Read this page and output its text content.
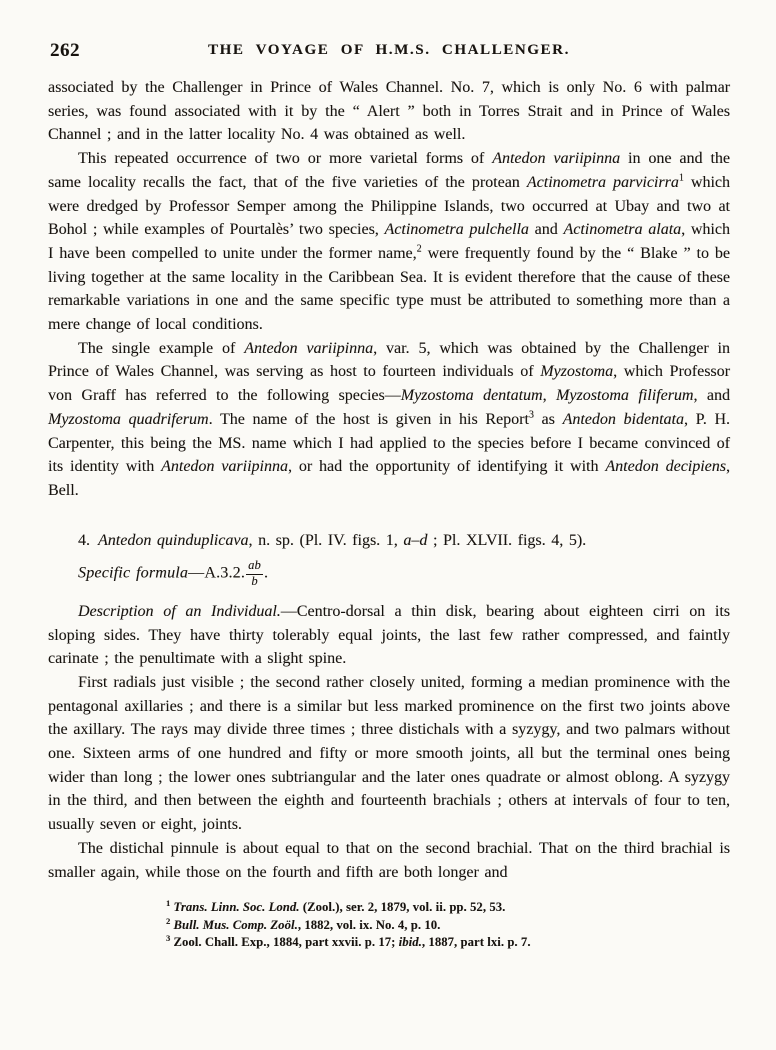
262	THE VOYAGE OF H.M.S. CHALLENGER.

associated by the Challenger in Prince of Wales Channel. No. 7, which is only No. 6 with palmar series, was found associated with it by the “ Alert ” both in Torres Strait and in Prince of Wales Channel ; and in the latter locality No. 4 was obtained as well.

This repeated occurrence of two or more varietal forms of Antedon variipinna in one and the same locality recalls the fact, that of the five varieties of the protean Actinometra parvicirra$^1$ which were dredged by Professor Semper among the Philippine Islands, two occurred at Ubay and two at Bohol ; while examples of Pourtalès’ two species, Actinometra pulchella and Actinometra alata, which I have been compelled to unite under the former name,$^2$ were frequently found by the “ Blake ” to be living together at the same locality in the Caribbean Sea. It is evident therefore that the cause of these remarkable variations in one and the same specific type must be attributed to something more than a mere change of local conditions.

The single example of Antedon variipinna, var. 5, which was obtained by the Challenger in Prince of Wales Channel, was serving as host to fourteen individuals of Myzostoma, which Professor von Graff has referred to the following species—Myzostoma dentatum, Myzostoma filiferum, and Myzostoma quadriferum. The name of the host is given in his Report$^3$ as Antedon bidentata, P. H. Carpenter, this being the MS. name which I had applied to the species before I became convinced of its identity with Antedon variipinna, or had the opportunity of identifying it with Antedon decipiens, Bell.

4. Antedon quinduplicava, n. sp. (Pl. IV. figs. 1, a–d ; Pl. XLVII. figs. 4, 5).

Specific formula—A.3.2. $\frac{ab}{b}$ .

Description of an Individual.—Centro-dorsal a thin disk, bearing about eighteen cirri on its sloping sides. They have thirty tolerably equal joints, the last few rather compressed, and faintly carinate ; the penultimate with a slight spine.

First radials just visible ; the second rather closely united, forming a median prominence with the pentagonal axillaries ; and there is a similar but less marked prominence on the first two joints above the axillary. The rays may divide three times ; three distichals with a syzygy, and two palmars without one. Sixteen arms of one hundred and fifty or more smooth joints, all but the terminal ones being wider than long ; the lower ones subtriangular and the later ones quadrate or almost oblong. A syzygy in the third, and then between the eighth and fourteenth brachials ; others at intervals of four to ten, usually seven or eight, joints.

The distichal pinnule is about equal to that on the second brachial. That on the third brachial is smaller again, while those on the fourth and fifth are both longer and

$^1$ Trans. Linn. Soc. Lond. (Zool.), ser. 2, 1879, vol. ii. pp. 52, 53.
$^2$ Bull. Mus. Comp. Zoöl., 1882, vol. ix. No. 4, p. 10.
$^3$ Zool. Chall. Exp., 1884, part xxvii. p. 17; ibid., 1887, part lxi. p. 7.
